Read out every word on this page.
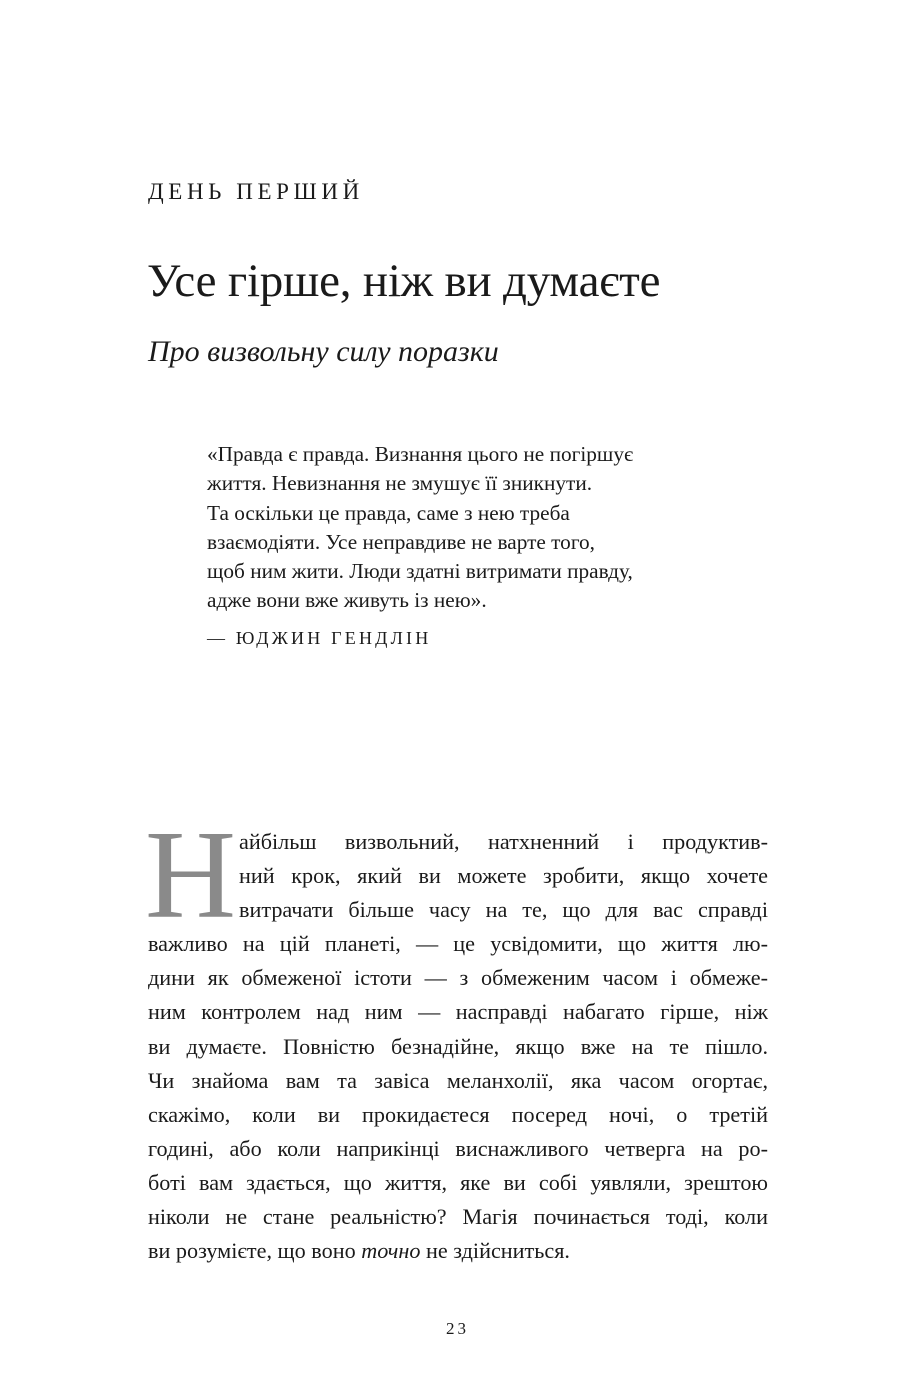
ДЕНЬ ПЕРШИЙ
Усе гірше, ніж ви думаєте
Про визвольну силу поразки
«Правда є правда. Визнання цього не погіршує
життя. Невизнання не змушує її зникнути.
Та оскільки це правда, саме з нею треба
взаємодіяти. Усе неправдиве не варте того,
щоб ним жити. Люди здатні витримати правду,
адже вони вже живуть із нею».
— ЮДЖИН ГЕНДЛІН
Н айбільш визвольний, натхненний і продуктив-
ний крок, який ви можете зробити, якщо хочете
витрачати більше часу на те, що для вас справді
важливо на цій планеті, — це усвідомити, що життя лю-
дини як обмеженої істоти — з обмеженим часом і обмеже-
ним контролем над ним — насправді набагато гірше, ніж
ви думаєте. Повністю безнадійне, якщо вже на те пішло.
Чи знайома вам та завіса меланхолії, яка часом огортає,
скажімо, коли ви прокидаєтеся посеред ночі, о третій
годині, або коли наприкінці виснажливого четверга на ро-
боті вам здається, що життя, яке ви собі уявляли, зрештою
ніколи не стане реальністю? Магія починається тоді, коли
ви розумієте, що воно точно не здійсниться.
23
